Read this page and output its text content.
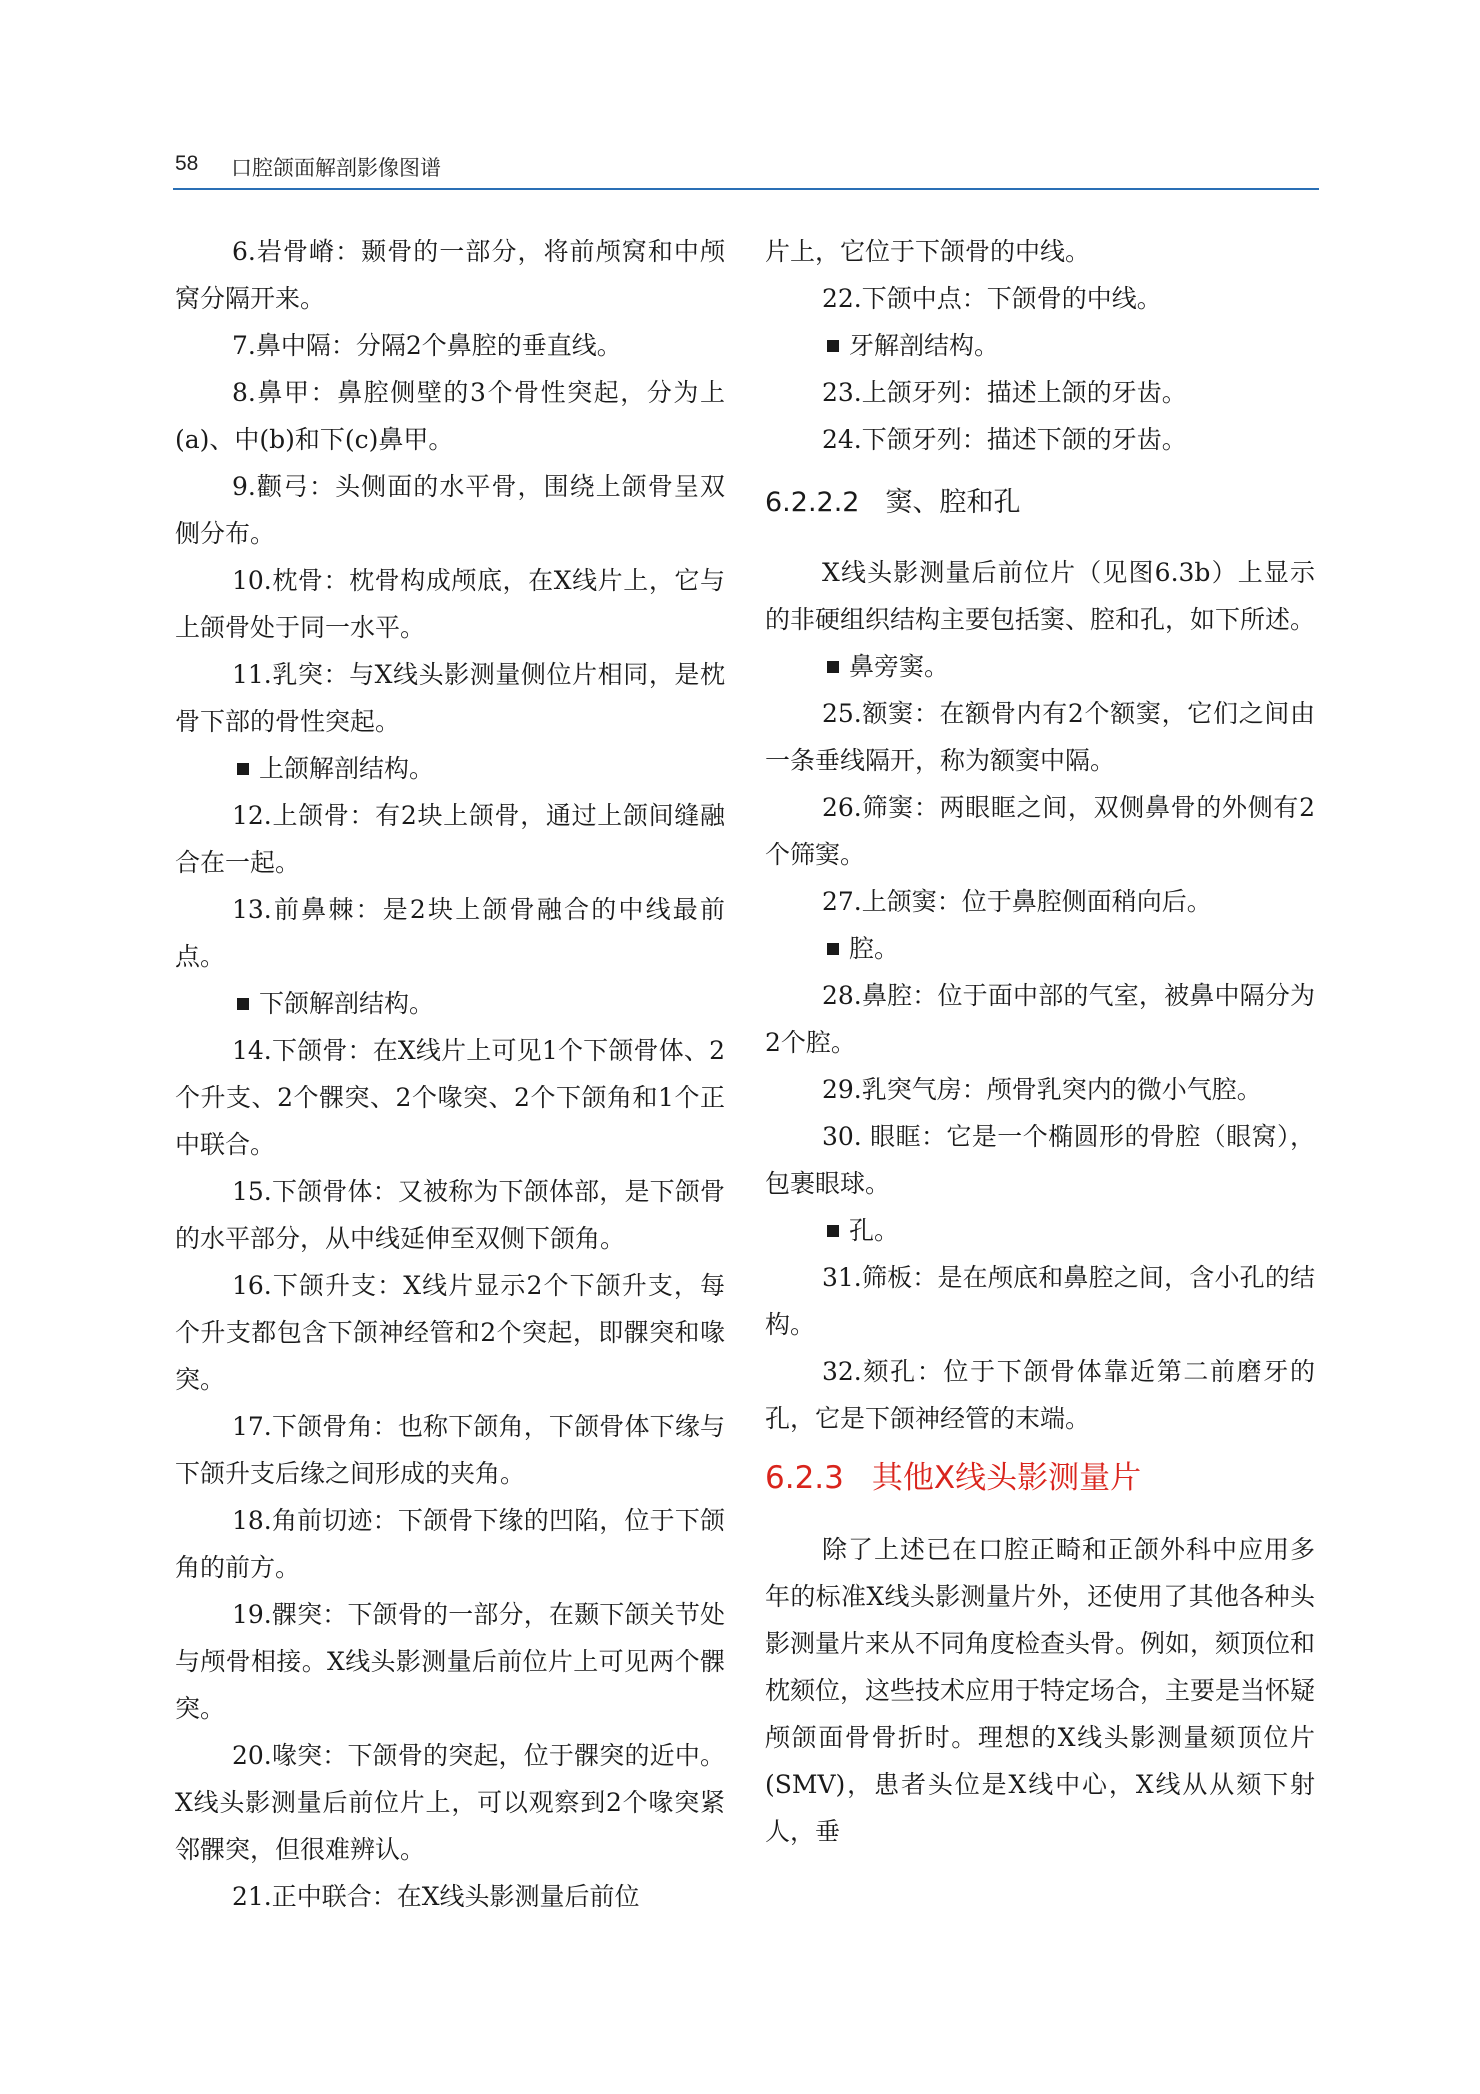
58 口腔颌面解剖影像图谱

6.岩骨嵴：颞骨的一部分，将前颅窝和中颅窝分隔开来。

7.鼻中隔：分隔2个鼻腔的垂直线。

8.鼻甲：鼻腔侧壁的3个骨性突起，分为上(a)、中(b)和下(c)鼻甲。

9.颧弓：头侧面的水平骨，围绕上颌骨呈双侧分布。

10.枕骨：枕骨构成颅底，在X线片上，它与上颌骨处于同一水平。

11.乳突：与X线头影测量侧位片相同，是枕骨下部的骨性突起。

上颌解剖结构。

12.上颌骨：有2块上颌骨，通过上颌间缝融合在一起。

13.前鼻棘：是2块上颌骨融合的中线最前点。

下颌解剖结构。

14.下颌骨：在X线片上可见1个下颌骨体、2个升支、2个髁突、2个喙突、2个下颌角和1个正中联合。

15.下颌骨体：又被称为下颌体部，是下颌骨的水平部分，从中线延伸至双侧下颌角。

16.下颌升支：X线片显示2个下颌升支，每个升支都包含下颌神经管和2个突起，即髁突和喙突。

17.下颌骨角：也称下颌角，下颌骨体下缘与下颌升支后缘之间形成的夹角。

18.角前切迹：下颌骨下缘的凹陷，位于下颌角的前方。

19.髁突：下颌骨的一部分，在颞下颌关节处与颅骨相接。X线头影测量后前位片上可见两个髁突。

20.喙突：下颌骨的突起，位于髁突的近中。X线头影测量后前位片上，可以观察到2个喙突紧邻髁突，但很难辨认。

21.正中联合：在X线头影测量后前位

片上，它位于下颌骨的中线。

22.下颌中点：下颌骨的中线。

牙解剖结构。

23.上颌牙列：描述上颌的牙齿。

24.下颌牙列：描述下颌的牙齿。

6.2.2.2 窦、腔和孔

X线头影测量后前位片（见图6.3b）上显示的非硬组织结构主要包括窦、腔和孔，如下所述。

鼻旁窦。

25.额窦：在额骨内有2个额窦，它们之间由一条垂线隔开，称为额窦中隔。

26.筛窦：两眼眶之间，双侧鼻骨的外侧有2个筛窦。

27.上颌窦：位于鼻腔侧面稍向后。

腔。

28.鼻腔：位于面中部的气室，被鼻中隔分为2个腔。

29.乳突气房：颅骨乳突内的微小气腔。

30. 眼眶：它是一个椭圆形的骨腔（眼窝），包裹眼球。

孔。

31.筛板：是在颅底和鼻腔之间，含小孔的结构。

32.颏孔：位于下颌骨体靠近第二前磨牙的孔，它是下颌神经管的末端。

6.2.3 其他X线头影测量片

除了上述已在口腔正畸和正颌外科中应用多年的标准X线头影测量片外，还使用了其他各种头影测量片来从不同角度检查头骨。例如，颏顶位和枕颏位，这些技术应用于特定场合，主要是当怀疑颅颌面骨骨折时。理想的X线头影测量颏顶位片(SMV)，患者头位是X线中心，X线从从颏下射人，垂
